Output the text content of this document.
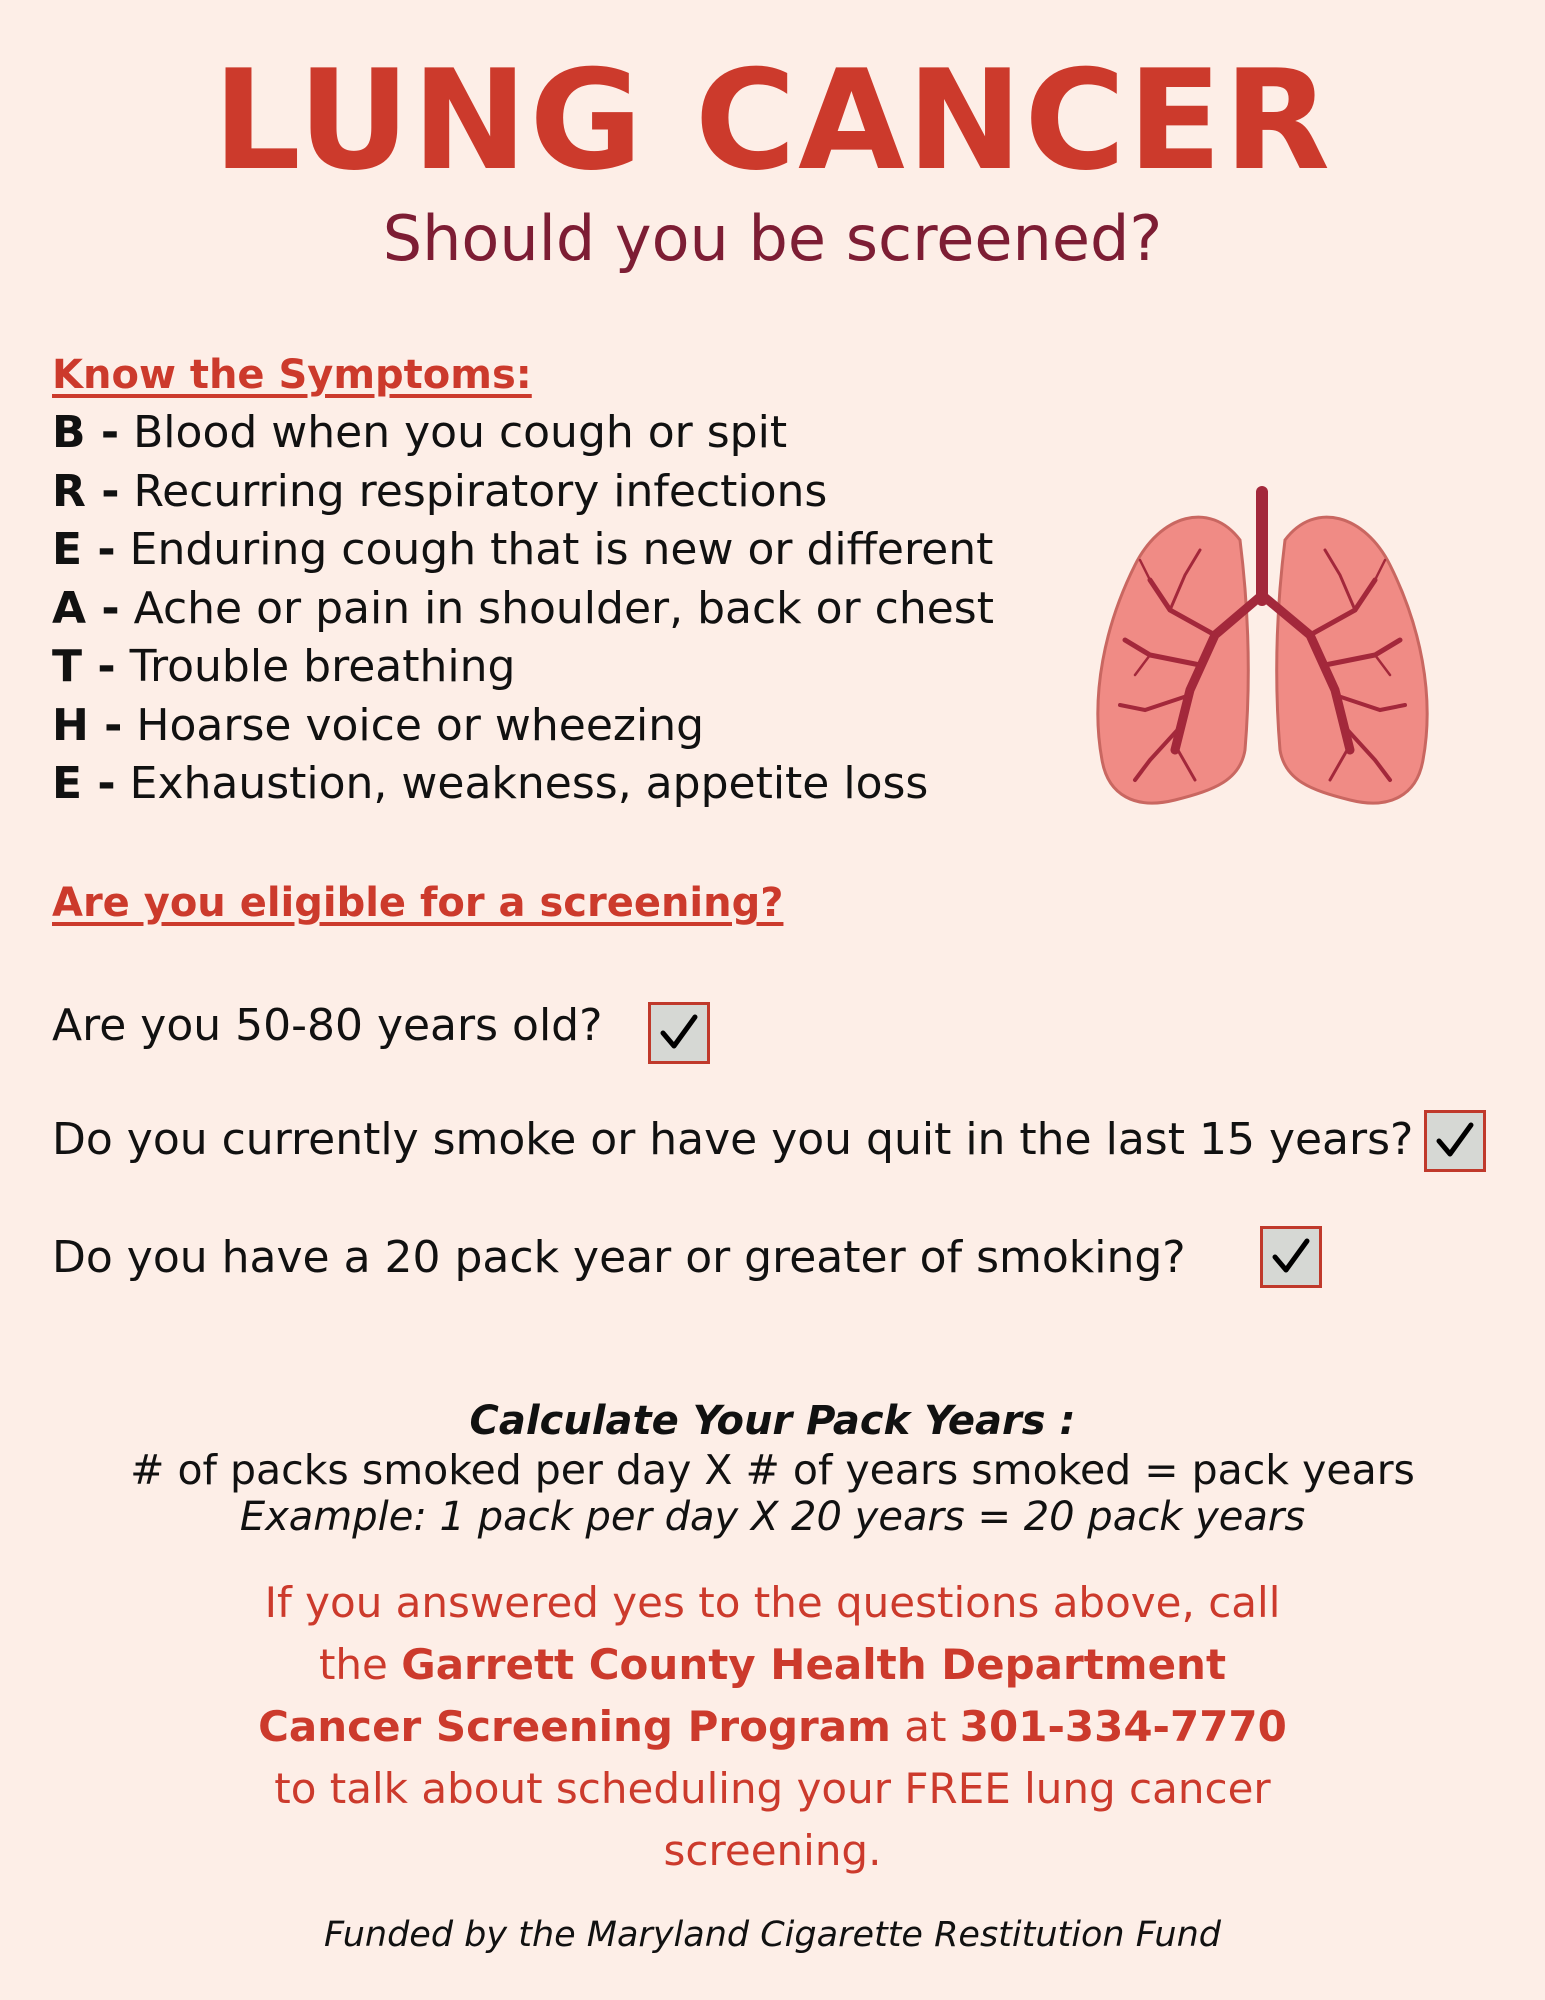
LUNG CANCER
Should you be screened?
Know the Symptoms:
B - Blood when you cough or spit
R - Recurring respiratory infections
E - Enduring cough that is new or different
A - Ache or pain in shoulder, back or chest
T - Trouble breathing
H - Hoarse voice or wheezing
E - Exhaustion, weakness, appetite loss
Are you eligible for a screening?
Are you 50-80 years old?
Do you currently smoke or have you quit in the last 15 years?
Do you have a 20 pack year or greater of smoking?
Calculate Your Pack Years :
# of packs smoked per day X # of years smoked = pack years
Example: 1 pack per day X 20 years = 20 pack years
If you answered yes to the questions above, call
the Garrett County Health Department
Cancer Screening Program at 301-334-7770
to talk about scheduling your FREE lung cancer
screening.
Funded by the Maryland Cigarette Restitution Fund
